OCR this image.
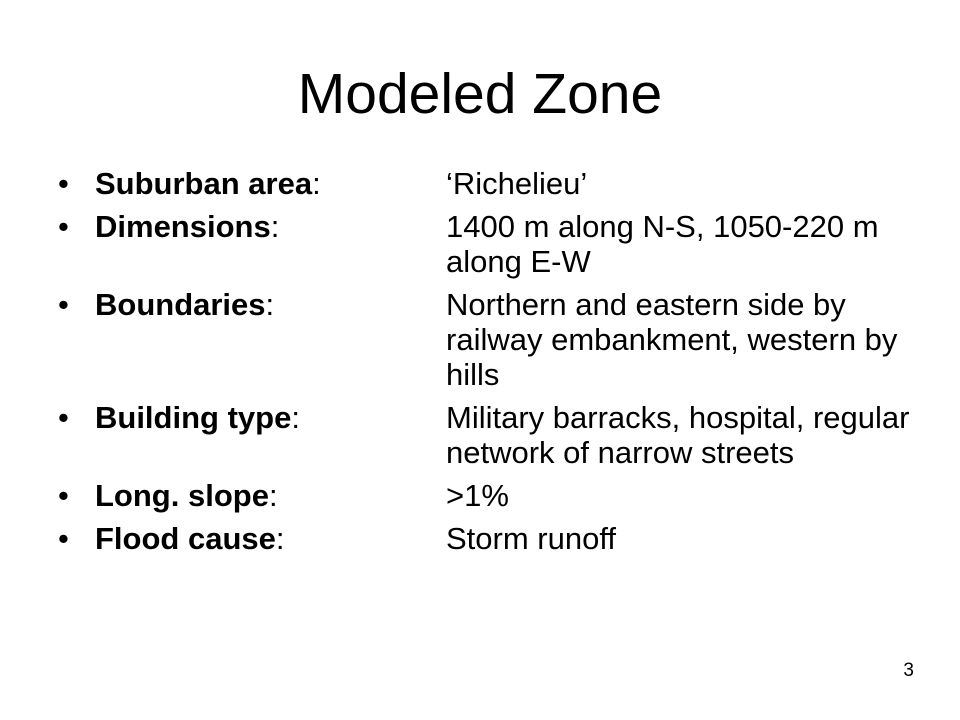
Modeled Zone
• Suburban area:	‘Richelieu’
• Dimensions:	1400 m along N-S, 1050-220 m along E-W
• Boundaries:	Northern and eastern side by railway embankment, western by hills
• Building type:	Military barracks, hospital, regular network of narrow streets
• Long. slope:	>1%
• Flood cause:	Storm runoff
3
